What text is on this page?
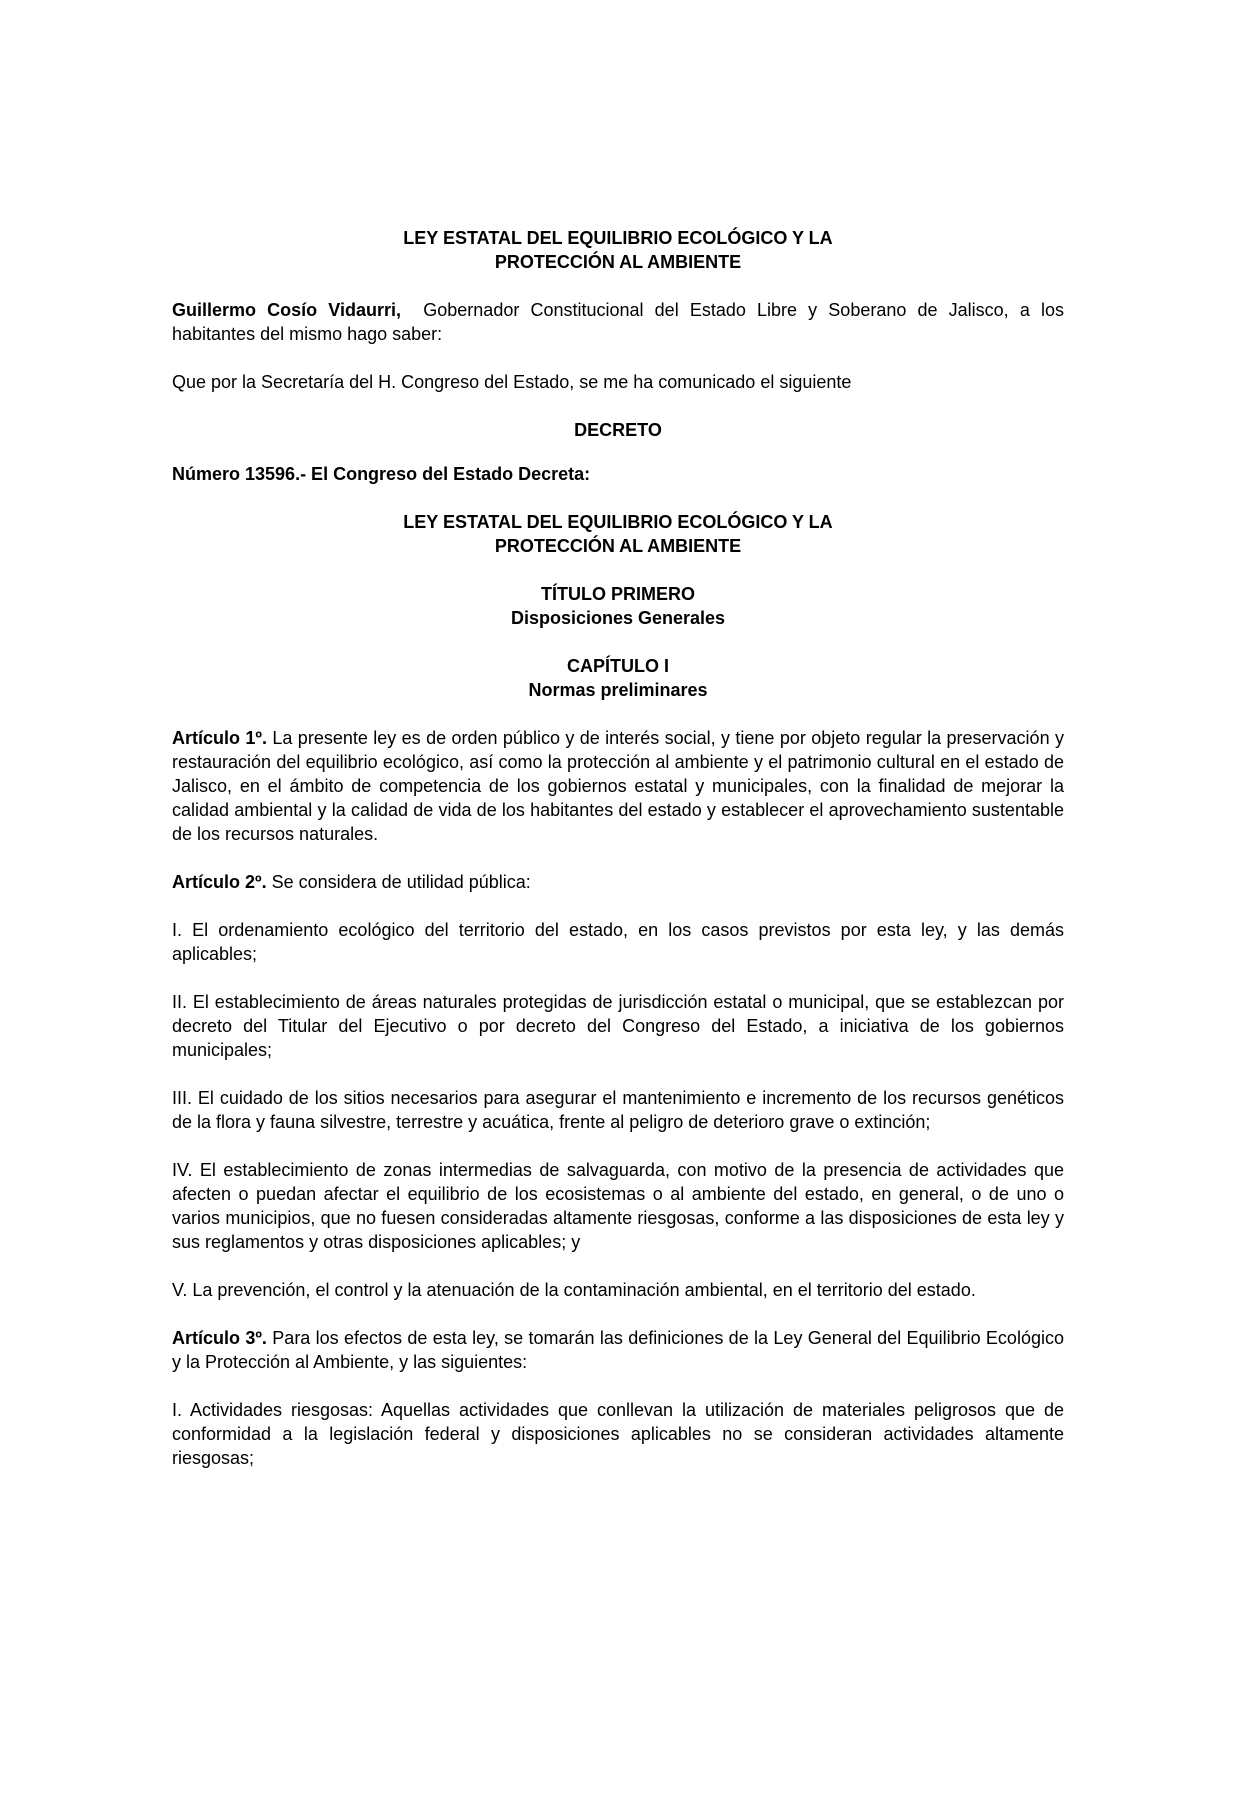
LEY ESTATAL DEL EQUILIBRIO ECOLÓGICO Y LA
PROTECCIÓN AL AMBIENTE

Guillermo Cosío Vidaurri, Gobernador Constitucional del Estado Libre y Soberano de Jalisco, a los habitantes del mismo hago saber:

Que por la Secretaría del H. Congreso del Estado, se me ha comunicado el siguiente

DECRETO

Número 13596.- El Congreso del Estado Decreta:

LEY ESTATAL DEL EQUILIBRIO ECOLÓGICO Y LA
PROTECCIÓN AL AMBIENTE
TÍTULO PRIMERO
Disposiciones Generales
CAPÍTULO I
Normas preliminares

Artículo 1º. La presente ley es de orden público y de interés social, y tiene por objeto regular la preservación y restauración del equilibrio ecológico, así como la protección al ambiente y el patrimonio cultural en el estado de Jalisco, en el ámbito de competencia de los gobiernos estatal y municipales, con la finalidad de mejorar la calidad ambiental y la calidad de vida de los habitantes del estado y establecer el aprovechamiento sustentable de los recursos naturales.

Artículo 2º. Se considera de utilidad pública:

I. El ordenamiento ecológico del territorio del estado, en los casos previstos por esta ley, y las demás aplicables;

II. El establecimiento de áreas naturales protegidas de jurisdicción estatal o municipal, que se establezcan por decreto del Titular del Ejecutivo o por decreto del Congreso del Estado, a iniciativa de los gobiernos municipales;

III. El cuidado de los sitios necesarios para asegurar el mantenimiento e incremento de los recursos genéticos de la flora y fauna silvestre, terrestre y acuática, frente al peligro de deterioro grave o extinción;

IV. El establecimiento de zonas intermedias de salvaguarda, con motivo de la presencia de actividades que afecten o puedan afectar el equilibrio de los ecosistemas o al ambiente del estado, en general, o de uno o varios municipios, que no fuesen consideradas altamente riesgosas, conforme a las disposiciones de esta ley y sus reglamentos y otras disposiciones aplicables; y

V. La prevención, el control y la atenuación de la contaminación ambiental, en el territorio del estado.

Artículo 3º. Para los efectos de esta ley, se tomarán las definiciones de la Ley General del Equilibrio Ecológico y la Protección al Ambiente, y las siguientes:

I. Actividades riesgosas: Aquellas actividades que conllevan la utilización de materiales peligrosos que de conformidad a la legislación federal y disposiciones aplicables no se consideran actividades altamente riesgosas;
